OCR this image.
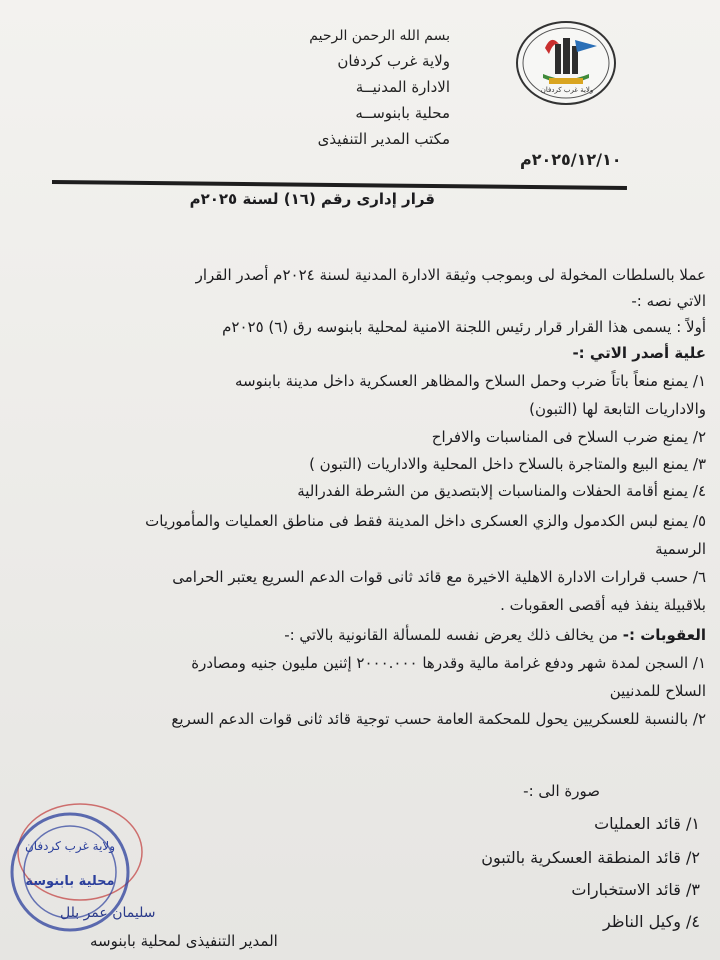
بسم الله الرحمن الرحيم
ولاية غرب كردفان
الادارة المدنيــة
محلية بابنوســه
مكتب المدير التنفيذى
ولاية غرب كردفان
٢٠٢٥/١٢/١٠م
قرار إدارى رقم (١٦) لسنة ٢٠٢٥م
عملا بالسلطات المخولة لى وبموجب وثيقة الادارة المدنية لسنة ٢٠٢٤م أصدر القرار
الاتي نصه :-
أولاً : يسمى هذا القرار قرار رئيس اللجنة الامنية لمحلية بابنوسه رق (٦) ٢٠٢٥م
علية أصدر الاتي :-
١/ يمنع منعاً باتاً ضرب وحمل السلاح والمظاهر العسكرية داخل مدينة بابنوسه
والاداريات التابعة لها (التبون)
٢/ يمنع ضرب السلاح فى المناسبات والافراح
٣/ يمنع البيع والمتاجرة بالسلاح داخل المحلية والاداريات (التبون )
٤/ يمنع أقامة الحفلات والمناسبات إلابتصديق من الشرطة الفدرالية
٥/ يمنع لبس الكدمول والزي العسكرى داخل المدينة فقط فى مناطق العمليات والمأموريات
الرسمية
٦/ حسب قرارات الادارة الاهلية الاخيرة مع قائد ثانى قوات الدعم السريع يعتبر الحرامى
بلاقبيلة ينفذ فيه أقصى العقوبات .
العقوبات :- من يخالف ذلك يعرض نفسه للمسألة القانونية بالاتي :-
١/ السجن لمدة شهر ودفع غرامة مالية وقدرها ٢٠٠٠.٠٠٠ إثنين مليون جنيه ومصادرة
السلاح للمدنيين
٢/ بالنسبة للعسكريين يحول للمحكمة العامة حسب توجية قائد ثانى قوات الدعم السريع
صورة الى :-
١/ قائد العمليات
٢/ قائد المنطقة العسكرية بالتبون
٣/ قائد الاستخبارات
٤/ وكيل الناظر
ولاية غرب كردفان
محلية بابنوسة
سليمان عمر بلل
المدير التنفيذى لمحلية بابنوسه
